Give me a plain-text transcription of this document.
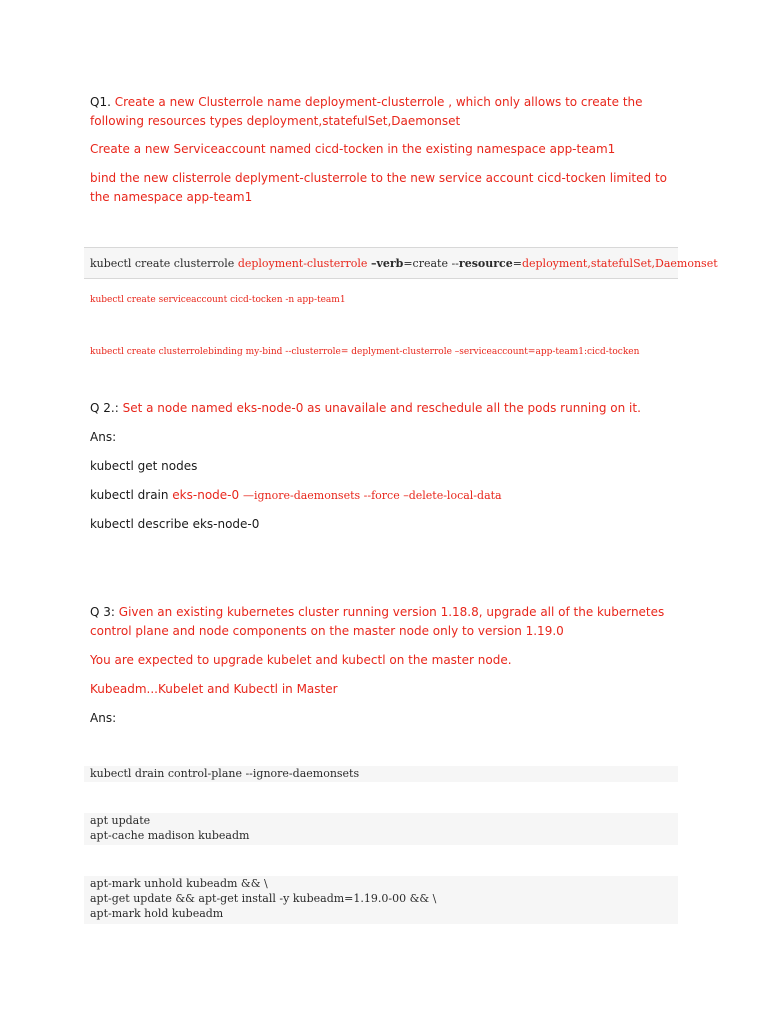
Q1. Create a new Clusterrole name deployment-clusterrole , which only allows to create the following resources types deployment,statefulSet,Daemonset
Create a new Serviceaccount named cicd-tocken in the existing namespace app-team1
bind the new clisterrole deplyment-clusterrole to the new service account cicd-tocken limited to the namespace app-team1
kubectl create clusterrole deployment-clusterrole –verb=create --resource=deployment,statefulSet,Daemonset
kubectl create serviceaccount cicd-tocken -n app-team1
kubectl create clusterrolebinding my-bind --clusterrole= deplyment-clusterrole –serviceaccount=app-team1:cicd-tocken
Q 2.: Set a node named eks-node-0 as unavailale and reschedule all the pods running on it.
Ans:
kubectl get nodes
kubectl drain eks-node-0 —ignore-daemonsets --force –delete-local-data
kubectl describe eks-node-0
Q 3: Given an existing kubernetes cluster running version 1.18.8, upgrade all of the kubernetes control plane and node components on the master node only to version 1.19.0
You are expected to upgrade kubelet and kubectl on the master node.
Kubeadm...Kubelet and Kubectl in Master
Ans:
kubectl drain control-plane --ignore-daemonsets
apt update
apt-cache madison kubeadm
apt-mark unhold kubeadm && \
apt-get update && apt-get install -y kubeadm=1.19.0-00 && \
apt-mark hold kubeadm
